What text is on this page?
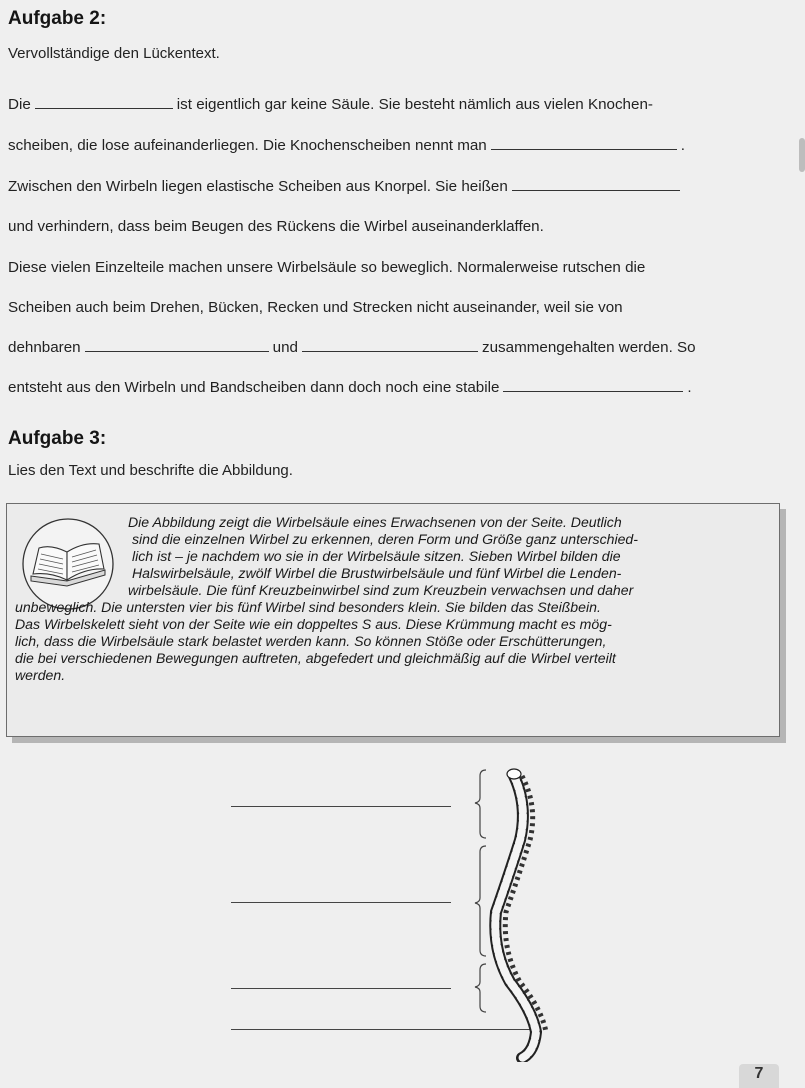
Aufgabe 2:
Vervollständige den Lückentext.
Die	ist eigentlich gar keine Säule. Sie besteht nämlich aus vielen Knochen-
scheiben, die lose aufeinanderliegen. Die Knochenscheiben nennt man	.
Zwischen den Wirbeln liegen elastische Scheiben aus Knorpel. Sie heißen
und verhindern, dass beim Beugen des Rückens die Wirbel auseinanderklaffen.
Diese vielen Einzelteile machen unsere Wirbelsäule so beweglich. Normalerweise rutschen die
Scheiben auch beim Drehen, Bücken, Recken und Strecken nicht auseinander, weil sie von
dehnbaren	und	zusammengehalten werden. So
entsteht aus den Wirbeln und Bandscheiben dann doch noch eine stabile	.
Aufgabe 3:
Lies den Text und beschrifte die Abbildung.
Die Abbildung zeigt die Wirbelsäule eines Erwachsenen von der Seite. Deutlich
sind die einzelnen Wirbel zu erkennen, deren Form und Größe ganz unterschied-
lich ist – je nachdem wo sie in der Wirbelsäule sitzen. Sieben Wirbel bilden die
Halswirbelsäule, zwölf Wirbel die Brustwirbelsäule und fünf Wirbel die Lenden-
wirbelsäule. Die fünf Kreuzbeinwirbel sind zum Kreuzbein verwachsen und daher
unbeweglich. Die untersten vier bis fünf Wirbel sind besonders klein. Sie bilden das Steißbein.
Das Wirbelskelett sieht von der Seite wie ein doppeltes S aus. Diese Krümmung macht es mög-
lich, dass die Wirbelsäule stark belastet werden kann. So können Stöße oder Erschütterungen,
die bei verschiedenen Bewegungen auftreten, abgefedert und gleichmäßig auf die Wirbel verteilt
werden.
7
